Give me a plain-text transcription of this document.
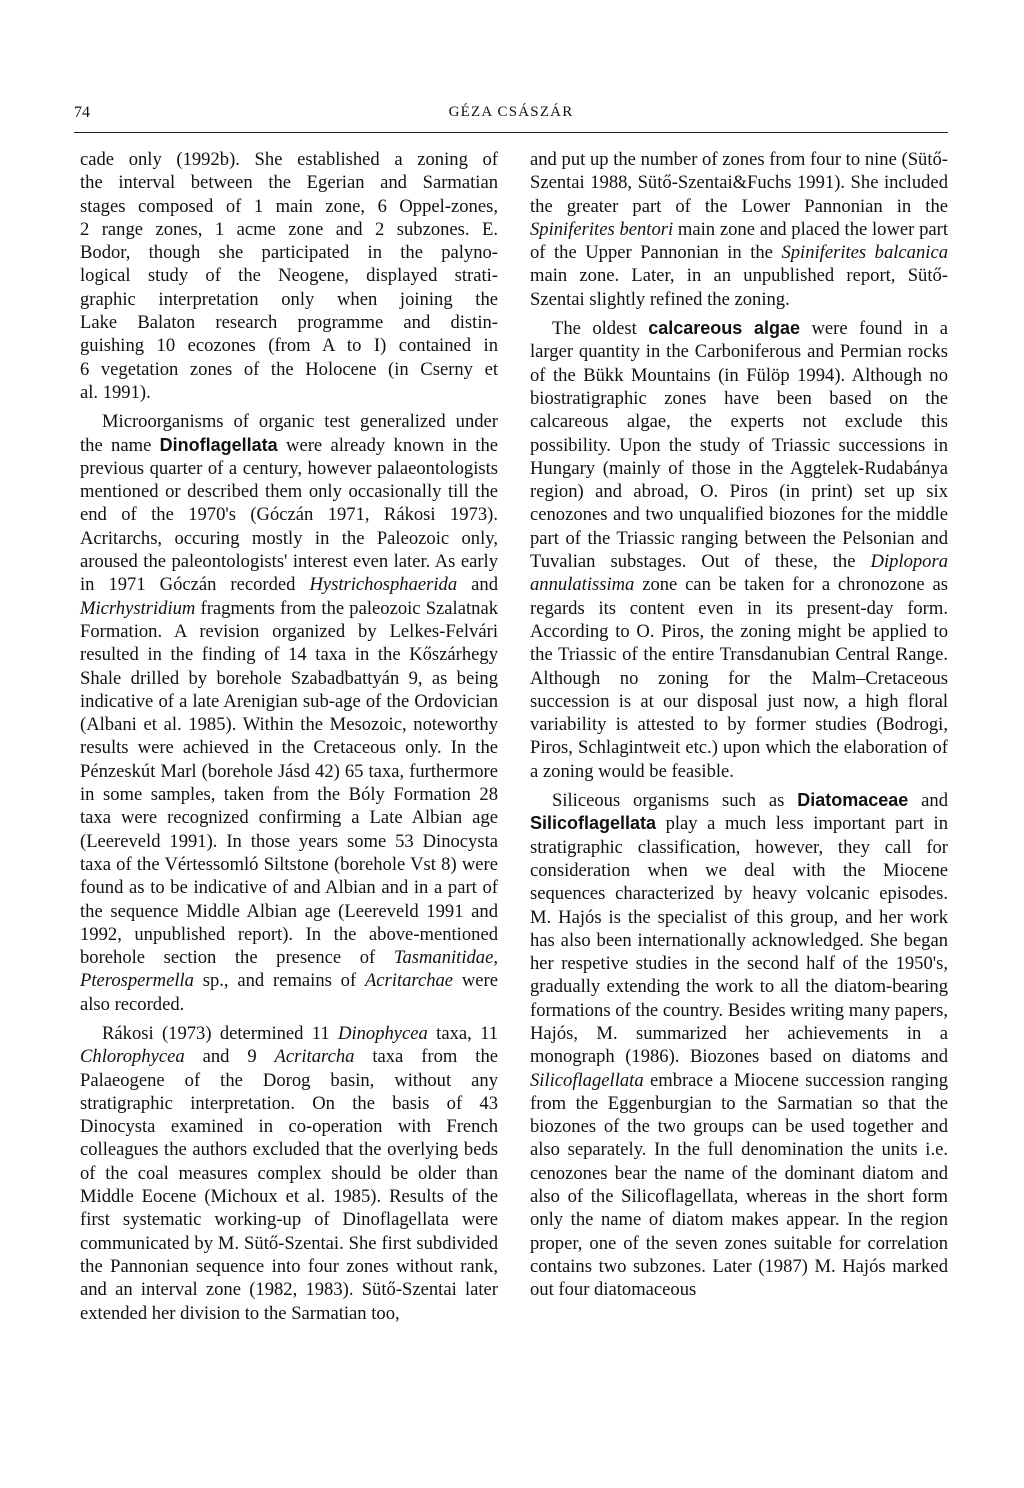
74	GÉZA CSÁSZÁR

cade only (1992b). She established a zoning of
the interval between the Egerian and Sarmatian
stages composed of 1 main zone, 6 Oppel-zones,
2 range zones, 1 acme zone and 2 subzones. E.
Bodor, though she participated in the palyno-
logical study of the Neogene, displayed strati-
graphic interpretation only when joining the
Lake Balaton research programme and distin-
guishing 10 ecozones (from A to I) contained in
6 vegetation zones of the Holocene (in Cserny et
al. 1991).

Microorganisms of organic test generalized under the name Dinoflagellata were already known in the previous quarter of a century, however palaeontologists mentioned or described them only occasionally till the end of the 1970's (Góczán 1971, Rákosi 1973). Acritarchs, occuring mostly in the Paleozoic only, aroused the paleontologists' interest even later. As early in 1971 Góczán recorded Hystrichosphaerida and Micrhystridium fragments from the paleozoic Szalatnak Formation. A revision organized by Lelkes-Felvári resulted in the finding of 14 taxa in the Kőszárhegy Shale drilled by borehole Szabadbattyán 9, as being indicative of a late Arenigian sub-age of the Ordovician (Albani et al. 1985). Within the Mesozoic, noteworthy results were achieved in the Cretaceous only. In the Pénzeskút Marl (borehole Jásd 42) 65 taxa, furthermore in some samples, taken from the Bóly Formation 28 taxa were recognized confirming a Late Albian age (Leereveld 1991). In those years some 53 Dinocysta taxa of the Vértessomló Siltstone (borehole Vst 8) were found as to be indicative of and Albian and in a part of the sequence Middle Albian age (Leereveld 1991 and 1992, unpublished report). In the above-mentioned borehole section the presence of Tasmanitidae, Pterospermella sp., and remains of Acritarchae were also recorded.

Rákosi (1973) determined 11 Dinophycea taxa, 11 Chlorophycea and 9 Acritarcha taxa from the Palaeogene of the Dorog basin, without any stratigraphic interpretation. On the basis of 43 Dinocysta examined in co-operation with French colleagues the authors excluded that the overlying beds of the coal measures complex should be older than Middle Eocene (Michoux et al. 1985). Results of the first systematic working-up of Dinoflagellata were communicated by M. Sütő-Szentai. She first subdivided the Pannonian sequence into four zones without rank, and an interval zone (1982, 1983). Sütő-Szentai later extended her division to the Sarmatian too,

and put up the number of zones from four to nine (Sütő-Szentai 1988, Sütő-Szentai&Fuchs 1991). She included the greater part of the Lower Pannonian in the Spiniferites bentori main zone and placed the lower part of the Upper Pannonian in the Spiniferites balcanica main zone. Later, in an unpublished report, Sütő-Szentai slightly refined the zoning.

The oldest calcareous algae were found in a larger quantity in the Carboniferous and Permian rocks of the Bükk Mountains (in Fülöp 1994). Although no biostratigraphic zones have been based on the calcareous algae, the experts not exclude this possibility. Upon the study of Triassic successions in Hungary (mainly of those in the Aggtelek-Rudabánya region) and abroad, O. Piros (in print) set up six cenozones and two unqualified biozones for the middle part of the Triassic ranging between the Pelsonian and Tuvalian substages. Out of these, the Diplopora annulatissima zone can be taken for a chronozone as regards its content even in its present-day form. According to O. Piros, the zoning might be applied to the Triassic of the entire Transdanubian Central Range. Although no zoning for the Malm–Cretaceous succession is at our disposal just now, a high floral variability is attested to by former studies (Bodrogi, Piros, Schlagintweit etc.) upon which the elaboration of a zoning would be feasible.

Siliceous organisms such as Diatomaceae and Silicoflagellata play a much less important part in stratigraphic classification, however, they call for consideration when we deal with the Miocene sequences characterized by heavy volcanic episodes. M. Hajós is the specialist of this group, and her work has also been internationally acknowledged. She began her respetive studies in the second half of the 1950's, gradually extending the work to all the diatom-bearing formations of the country. Besides writing many papers, Hajós, M. summarized her achievements in a monograph (1986). Biozones based on diatoms and Silicoflagellata embrace a Miocene succession ranging from the Eggenburgian to the Sarmatian so that the biozones of the two groups can be used together and also separately. In the full denomination the units i.e. cenozones bear the name of the dominant diatom and also of the Silicoflagellata, whereas in the short form only the name of diatom makes appear. In the region proper, one of the seven zones suitable for correlation contains two subzones. Later (1987) M. Hajós marked out four diatomaceous
